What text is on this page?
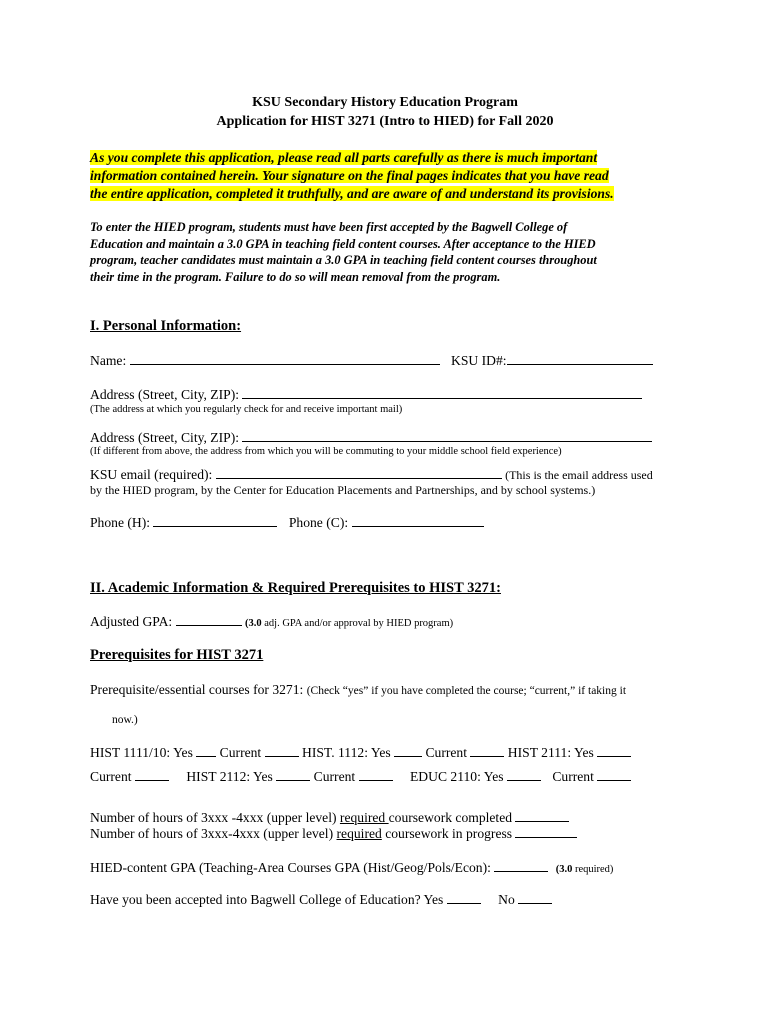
KSU Secondary History Education Program
Application for HIST 3271 (Intro to HIED) for Fall 2020
As you complete this application, please read all parts carefully as there is much important
information contained herein. Your signature on the final pages indicates that you have read
the entire application, completed it truthfully, and are aware of and understand its provisions.
To enter the HIED program, students must have been first accepted by the Bagwell College of
Education and maintain a 3.0 GPA in teaching field content courses. After acceptance to the HIED
program, teacher candidates must maintain a 3.0 GPA in teaching field content courses throughout
their time in the program. Failure to do so will mean removal from the program.
I. Personal Information:
Name:	KSU ID#:
Address (Street, City, ZIP):
(The address at which you regularly check for and receive important mail)
Address (Street, City, ZIP):
(If different from above, the address from which you will be commuting to your middle school field experience)
KSU email (required):	(This is the email address used
by the HIED program, by the Center for Education Placements and Partnerships, and by school systems.)
Phone (H):	Phone (C):
II. Academic Information & Required Prerequisites to HIST 3271:
Adjusted GPA:	(3.0 adj. GPA and/or approval by HIED program)
Prerequisites for HIST 3271
Prerequisite/essential courses for 3271: (Check “yes” if you have completed the course; “current,” if taking it
now.)
HIST 1111/10: Yes Current	HIST. 1112: Yes	Current	HIST 2111: Yes
Current	HIST 2112: Yes	Current	EDUC 2110: Yes	Current
Number of hours of 3xxx -4xxx (upper level) required coursework completed
Number of hours of 3xxx-4xxx (upper level) required coursework in progress
HIED-content GPA (Teaching-Area Courses GPA (Hist/Geog/Pols/Econ):	(3.0 required)
Have you been accepted into Bagwell College of Education? Yes	No
